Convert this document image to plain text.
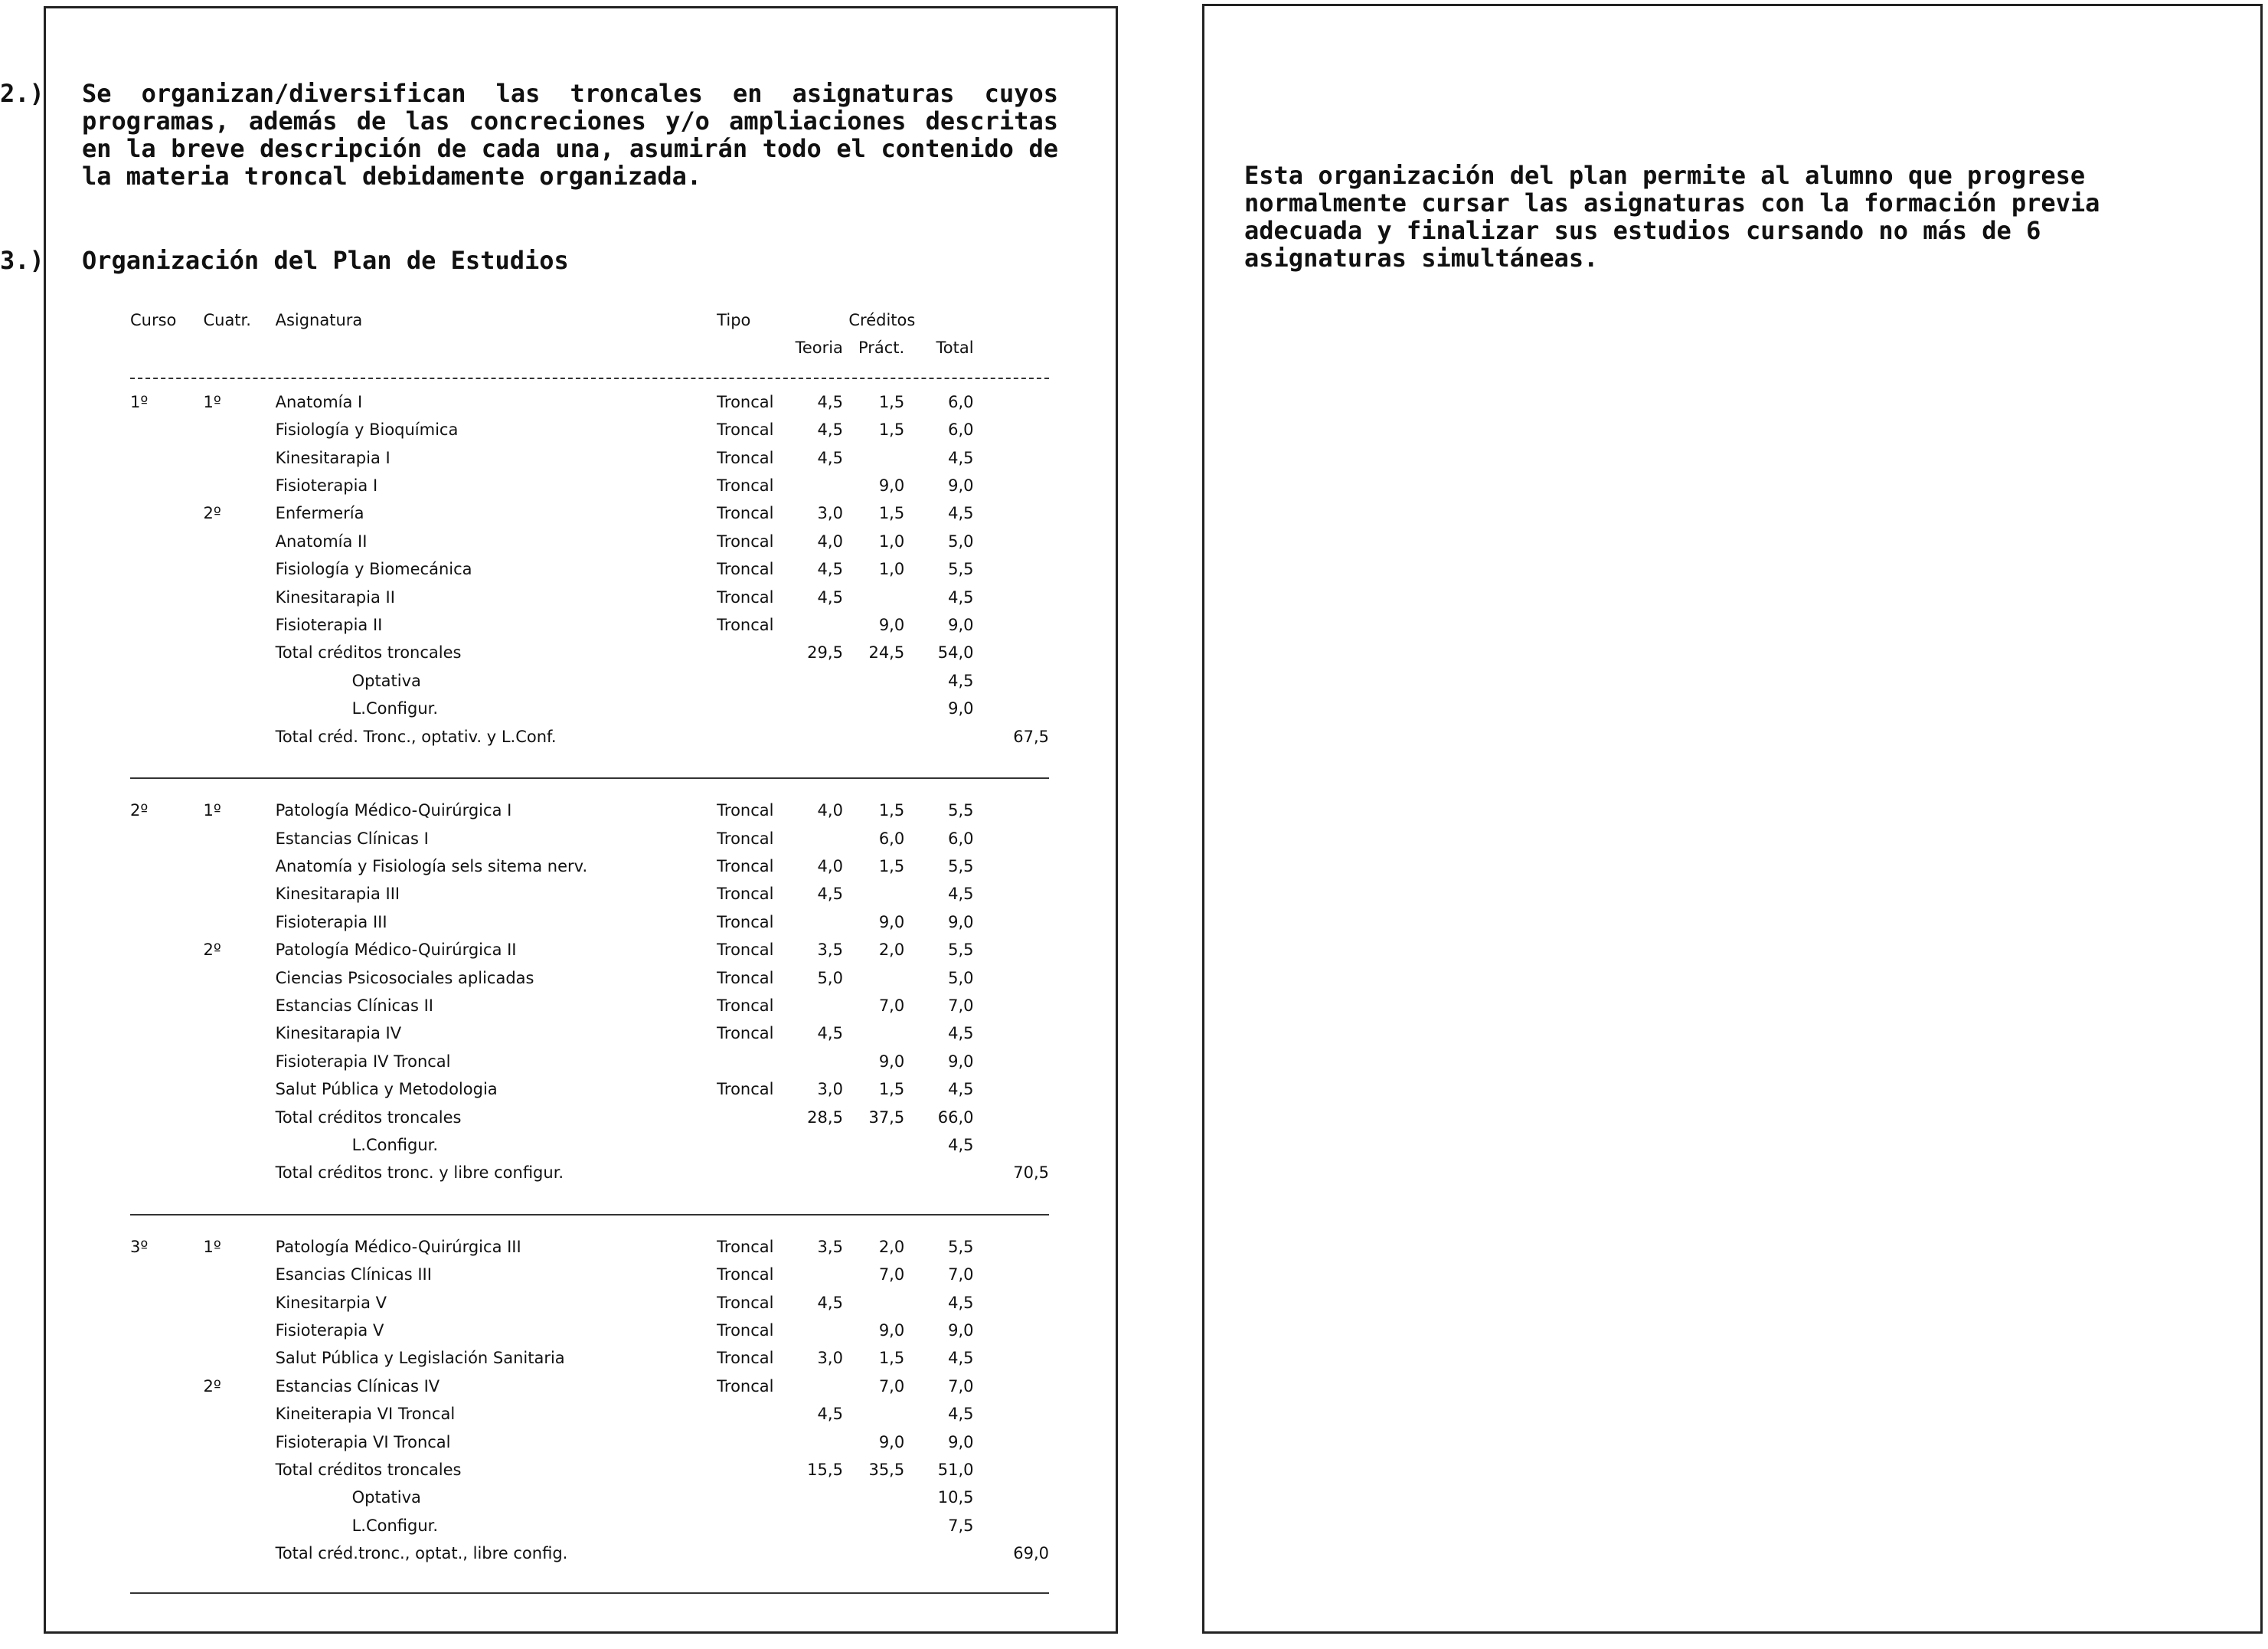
2.) Se organizan/diversifican las troncales en asignaturas cuyos programas, además de las concreciones y/o ampliaciones descritas en la breve descripción de cada una, asumirán todo el contenido de la materia troncal debidamente organizada.

3.) Organización del Plan de Estudios

Esta organización del plan permite al alumno que progrese normalmente cursar las asignaturas con la formación previa adecuada y finalizar sus estudios cursando no más de 6 asignaturas simultáneas.

Curso	Cuatr.	Asignatura	Tipo	Créditos			
				Teoria	Práct.	Total	

1º	1º	Anatomía I	Troncal	4,5	1,5	6,0	
		Fisiología y Bioquímica	Troncal	4,5	1,5	6,0	
		Kinesitarapia I	Troncal	4,5		4,5	
		Fisioterapia I	Troncal		9,0	9,0	
	2º	Enfermería	Troncal	3,0	1,5	4,5	
		Anatomía II	Troncal	4,0	1,0	5,0	
		Fisiología y Biomecánica	Troncal	4,5	1,0	5,5	
		Kinesitarapia II	Troncal	4,5		4,5	
		Fisioterapia II	Troncal		9,0	9,0	
		Total créditos troncales		29,5	24,5	54,0	
		Optativa				4,5	
		L.Configur.				9,0	
		Total créd. Tronc., optativ. y L.Conf.					67,5

2º	1º	Patología Médico-Quirúrgica I	Troncal	4,0	1,5	5,5	
		Estancias Clínicas I	Troncal		6,0	6,0	
		Anatomía y Fisiología sels sitema nerv.	Troncal	4,0	1,5	5,5	
		Kinesitarapia III	Troncal	4,5		4,5	
		Fisioterapia III	Troncal		9,0	9,0	
	2º	Patología Médico-Quirúrgica II	Troncal	3,5	2,0	5,5	
		Ciencias Psicosociales aplicadas	Troncal	5,0		5,0	
		Estancias Clínicas II	Troncal		7,0	7,0	
		Kinesitarapia IV	Troncal	4,5		4,5	
		Fisioterapia IV Troncal			9,0	9,0	
		Salut Pública y Metodologia	Troncal	3,0	1,5	4,5	
		Total créditos troncales		28,5	37,5	66,0	
		L.Configur.				4,5	
		Total créditos tronc. y libre configur.					70,5

3º	1º	Patología Médico-Quirúrgica III	Troncal	3,5	2,0	5,5	
		Esancias Clínicas III	Troncal		7,0	7,0	
		Kinesitarpia V	Troncal	4,5		4,5	
		Fisioterapia V	Troncal		9,0	9,0	
		Salut Pública y Legislación Sanitaria	Troncal	3,0	1,5	4,5	
	2º	Estancias Clínicas IV	Troncal		7,0	7,0	
		Kineiterapia VI Troncal		4,5		4,5	
		Fisioterapia VI Troncal			9,0	9,0	
		Total créditos troncales		15,5	35,5	51,0	
		Optativa				10,5	
		L.Configur.				7,5	
		Total créd.tronc., optat., libre config.					69,0
